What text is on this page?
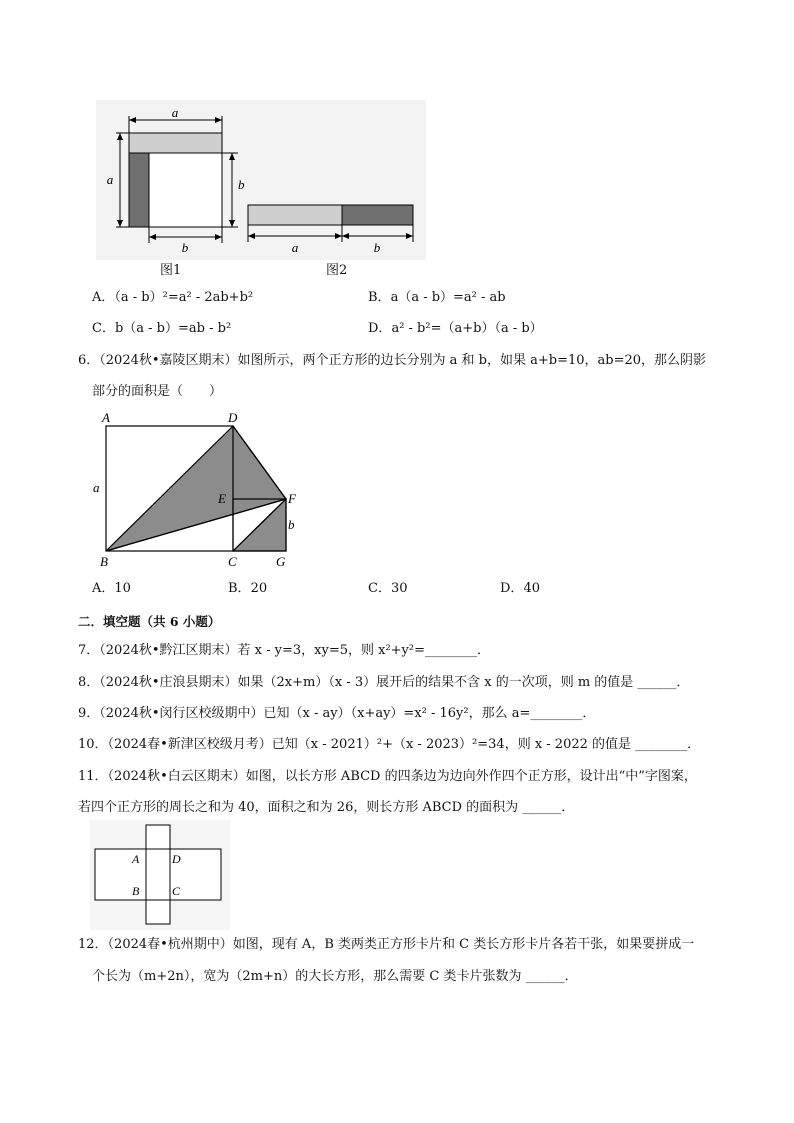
a
a	b
b	a	b
图1	图2
A．（a - b）²=a² - 2ab+b²	B．a（a - b）=a² - ab
C．b（a - b）=ab - b²	D．a² - b²=（a+b）（a - b）
6．（2024秋•嘉陵区期末）如图所示，两个正方形的边长分别为 a 和 b，如果 a+b=10，ab=20，那么阴影
部分的面积是（　　）
A	D
a
E	F
b
B	C	G
A．10	B．20	C．30	D．40
二．填空题（共 6 小题）
7．（2024秋•黔江区期末）若 x - y=3，xy=5，则 x²+y²=________．
8．（2024秋•庄浪县期末）如果（2x+m）（x - 3）展开后的结果不含 x 的一次项，则 m 的值是 ______．
9．（2024秋•闵行区校级期中）已知（x - ay）（x+ay）=x² - 16y²，那么 a=________．
10．（2024春•新津区校级月考）已知（x - 2021）²+（x - 2023）²=34，则 x - 2022 的值是 ________．
11．（2024秋•白云区期末）如图，以长方形 ABCD 的四条边为边向外作四个正方形，设计出“中”字图案，
若四个正方形的周长之和为 40，面积之和为 26，则长方形 ABCD 的面积为 ______．
A	D
B	C
12．（2024春•杭州期中）如图，现有 A，B 类两类正方形卡片和 C 类长方形卡片各若干张，如果要拼成一
个长为（m+2n），宽为（2m+n）的大长方形，那么需要 C 类卡片张数为 ______．
